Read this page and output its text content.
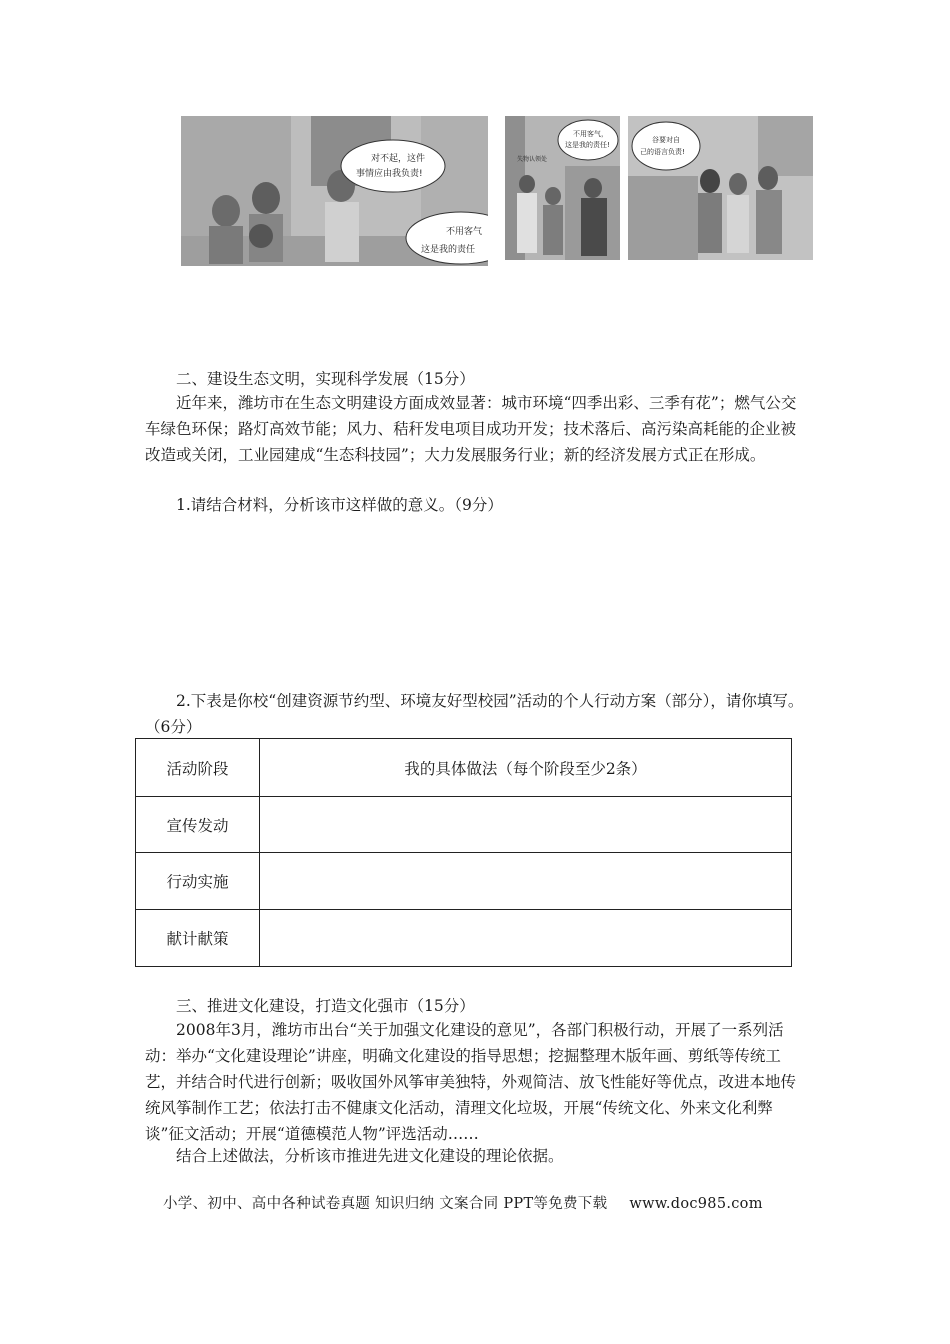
对不起，这件
事情应由我负责!
不用客气
这是我的责任
失物认领处
不用客气，
这是我的责任!
谷要对自
己的语言负责!
二、建设生态文明，实现科学发展（15分）
近年来，潍坊市在生态文明建设方面成效显著：城市环境“四季出彩、三季有花”；燃气公交车绿色环保；路灯高效节能；风力、秸秆发电项目成功开发；技术落后、高污染高耗能的企业被改造或关闭，工业园建成“生态科技园”；大力发展服务行业；新的经济发展方式正在形成。
1.请结合材料，分析该市这样做的意义。（9分）
2.下表是你校“创建资源节约型、环境友好型校园”活动的个人行动方案（部分），请你填写。（6分）
活动阶段	我的具体做法（每个阶段至少2条）
宣传发动	
行动实施	
献计献策	
三、推进文化建设，打造文化强市（15分）
2008年3月，潍坊市出台“关于加强文化建设的意见”，各部门积极行动，开展了一系列活动：举办“文化建设理论”讲座，明确文化建设的指导思想；挖掘整理木版年画、剪纸等传统工艺，并结合时代进行创新；吸收国外风筝审美独特，外观简洁、放飞性能好等优点，改进本地传统风筝制作工艺；依法打击不健康文化活动，清理文化垃圾，开展“传统文化、外来文化利弊谈”征文活动；开展“道德模范人物”评选活动……
结合上述做法，分析该市推进先进文化建设的理论依据。
小学、初中、高中各种试卷真题 知识归纳 文案合同 PPT等免费下载 www.doc985.com
